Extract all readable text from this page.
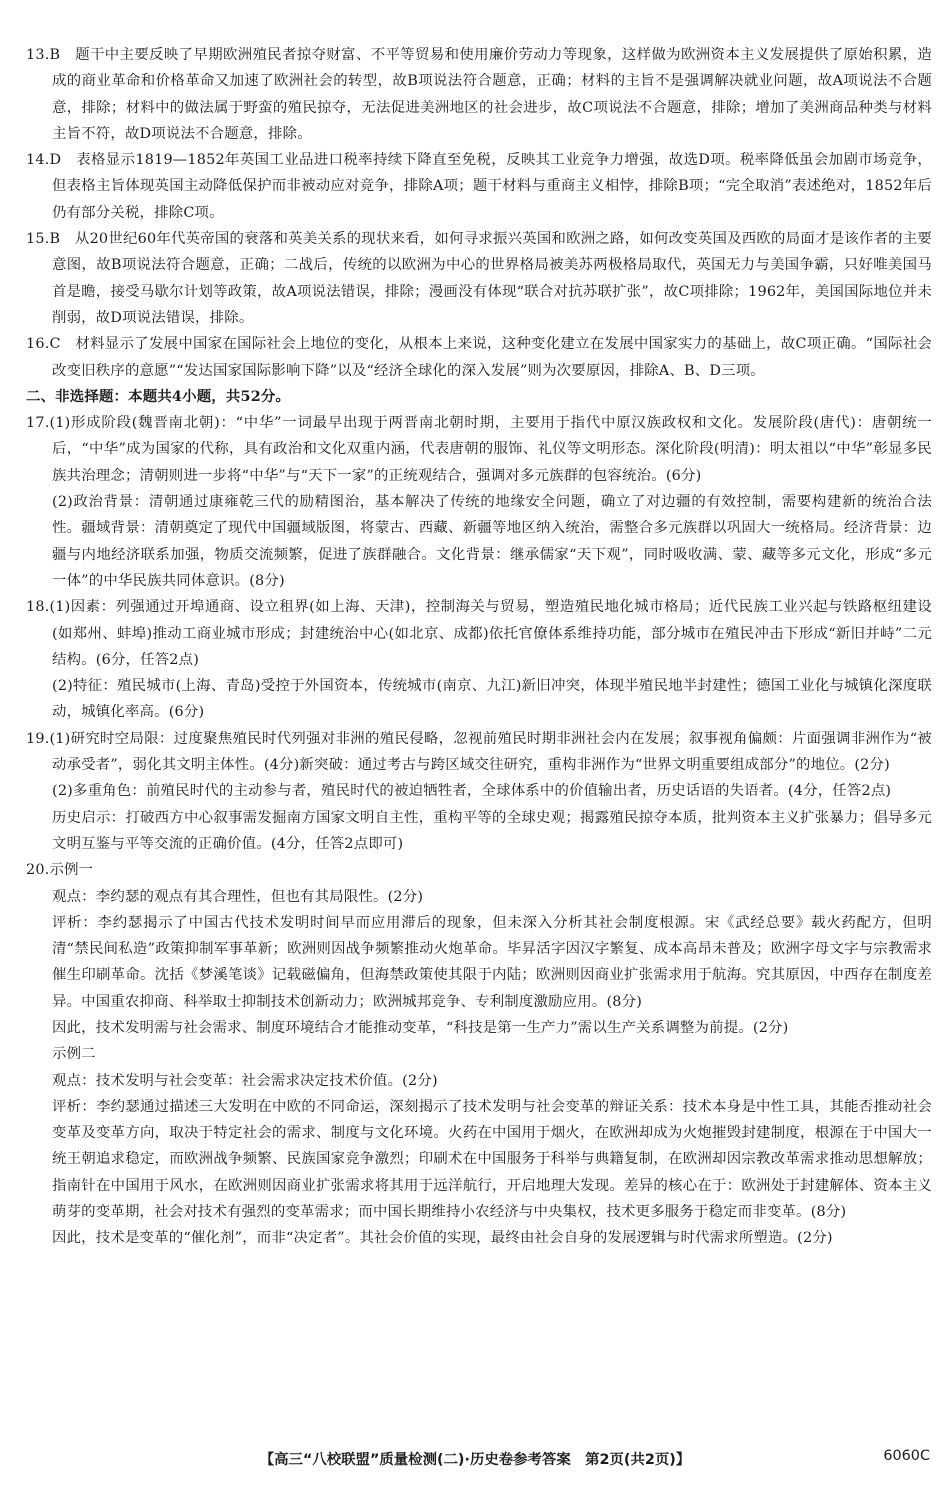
13.B　题干中主要反映了早期欧洲殖民者掠夺财富、不平等贸易和使用廉价劳动力等现象，这样做为欧洲资本主义发展提供了原始积累，造成的商业革命和价格革命又加速了欧洲社会的转型，故B项说法符合题意，正确；材料的主旨不是强调解决就业问题，故A项说法不合题意，排除；材料中的做法属于野蛮的殖民掠夺，无法促进美洲地区的社会进步，故C项说法不合题意，排除；增加了美洲商品种类与材料主旨不符，故D项说法不合题意，排除。

14.D　表格显示1819—1852年英国工业品进口税率持续下降直至免税，反映其工业竞争力增强，故选D项。税率降低虽会加剧市场竞争，但表格主旨体现英国主动降低保护而非被动应对竞争，排除A项；题干材料与重商主义相悖，排除B项；“完全取消”表述绝对，1852年后仍有部分关税，排除C项。

15.B　从20世纪60年代英帝国的衰落和英美关系的现状来看，如何寻求振兴英国和欧洲之路，如何改变英国及西欧的局面才是该作者的主要意图，故B项说法符合题意，正确；二战后，传统的以欧洲为中心的世界格局被美苏两极格局取代，英国无力与美国争霸，只好唯美国马首是瞻，接受马歇尔计划等政策，故A项说法错误，排除；漫画没有体现“联合对抗苏联扩张”，故C项排除；1962年，美国国际地位并未削弱，故D项说法错误，排除。

16.C　材料显示了发展中国家在国际社会上地位的变化，从根本上来说，这种变化建立在发展中国家实力的基础上，故C项正确。“国际社会改变旧秩序的意愿”“发达国家国际影响下降”以及“经济全球化的深入发展”则为次要原因，排除A、B、D三项。

二、非选择题：本题共4小题，共52分。

17.(1)形成阶段(魏晋南北朝)：“中华”一词最早出现于两晋南北朝时期，主要用于指代中原汉族政权和文化。发展阶段(唐代)：唐朝统一后，“中华”成为国家的代称，具有政治和文化双重内涵，代表唐朝的服饰、礼仪等文明形态。深化阶段(明清)：明太祖以“中华”彰显多民族共治理念；清朝则进一步将“中华”与“天下一家”的正统观结合，强调对多元族群的包容统治。(6分)

(2)政治背景：清朝通过康雍乾三代的励精图治，基本解决了传统的地缘安全问题，确立了对边疆的有效控制，需要构建新的统治合法性。疆域背景：清朝奠定了现代中国疆域版图，将蒙古、西藏、新疆等地区纳入统治，需整合多元族群以巩固大一统格局。经济背景：边疆与内地经济联系加强，物质交流频繁，促进了族群融合。文化背景：继承儒家“天下观”，同时吸收满、蒙、藏等多元文化，形成“多元一体”的中华民族共同体意识。(8分)

18.(1)因素：列强通过开埠通商、设立租界(如上海、天津)，控制海关与贸易，塑造殖民地化城市格局；近代民族工业兴起与铁路枢纽建设(如郑州、蚌埠)推动工商业城市形成；封建统治中心(如北京、成都)依托官僚体系维持功能，部分城市在殖民冲击下形成“新旧并峙”二元结构。(6分，任答2点)

(2)特征：殖民城市(上海、青岛)受控于外国资本，传统城市(南京、九江)新旧冲突，体现半殖民地半封建性；德国工业化与城镇化深度联动，城镇化率高。(6分)

19.(1)研究时空局限：过度聚焦殖民时代列强对非洲的殖民侵略，忽视前殖民时期非洲社会内在发展；叙事视角偏颇：片面强调非洲作为“被动承受者”，弱化其文明主体性。(4分)新突破：通过考古与跨区域交往研究，重构非洲作为“世界文明重要组成部分”的地位。(2分)

(2)多重角色：前殖民时代的主动参与者，殖民时代的被迫牺牲者，全球体系中的价值输出者，历史话语的失语者。(4分，任答2点)

历史启示：打破西方中心叙事需发掘南方国家文明自主性，重构平等的全球史观；揭露殖民掠夺本质，批判资本主义扩张暴力；倡导多元文明互鉴与平等交流的正确价值。(4分，任答2点即可)

20.示例一

观点：李约瑟的观点有其合理性，但也有其局限性。(2分)

评析：李约瑟揭示了中国古代技术发明时间早而应用滞后的现象，但未深入分析其社会制度根源。宋《武经总要》载火药配方，但明清“禁民间私造”政策抑制军事革新；欧洲则因战争频繁推动火炮革命。毕昇活字因汉字繁复、成本高昂未普及；欧洲字母文字与宗教需求催生印刷革命。沈括《梦溪笔谈》记载磁偏角，但海禁政策使其限于内陆；欧洲则因商业扩张需求用于航海。究其原因，中西存在制度差异。中国重农抑商、科举取士抑制技术创新动力；欧洲城邦竞争、专利制度激励应用。(8分)

因此，技术发明需与社会需求、制度环境结合才能推动变革，“科技是第一生产力”需以生产关系调整为前提。(2分)

示例二

观点：技术发明与社会变革：社会需求决定技术价值。(2分)

评析：李约瑟通过描述三大发明在中欧的不同命运，深刻揭示了技术发明与社会变革的辩证关系：技术本身是中性工具，其能否推动社会变革及变革方向，取决于特定社会的需求、制度与文化环境。火药在中国用于烟火，在欧洲却成为火炮摧毁封建制度，根源在于中国大一统王朝追求稳定，而欧洲战争频繁、民族国家竞争激烈；印刷术在中国服务于科举与典籍复制，在欧洲却因宗教改革需求推动思想解放；指南针在中国用于风水，在欧洲则因商业扩张需求将其用于远洋航行，开启地理大发现。差异的核心在于：欧洲处于封建解体、资本主义萌芽的变革期，社会对技术有强烈的变革需求；而中国长期维持小农经济与中央集权，技术更多服务于稳定而非变革。(8分)

因此，技术是变革的“催化剂”，而非“决定者”。其社会价值的实现，最终由社会自身的发展逻辑与时代需求所塑造。(2分)

【高三“八校联盟”质量检测(二)·历史卷参考答案　第2页(共2页)】	6060C
